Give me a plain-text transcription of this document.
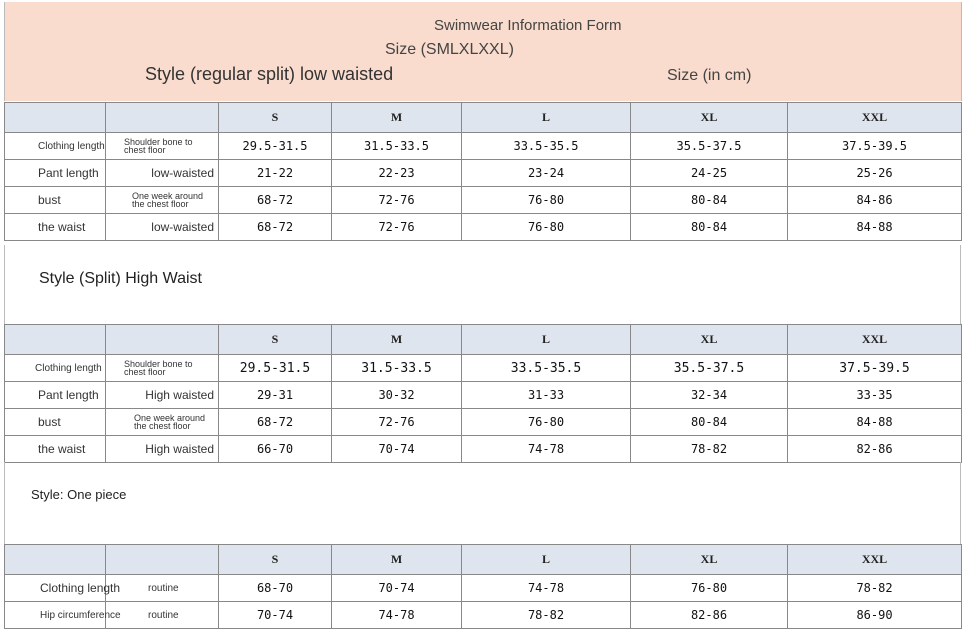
Swimwear Information Form
Size (SMLXLXXL)
Style (regular split) low waisted	Size (in cm)
		S	M	L	XL	XXL
Clothing length	Shoulder bone to chest floor	29.5-31.5	31.5-33.5	33.5-35.5	35.5-37.5	37.5-39.5
Pant length	low-waisted	21-22	22-23	23-24	24-25	25-26
bust	One week around the chest floor	68-72	72-76	76-80	80-84	84-86
the waist	low-waisted	68-72	72-76	76-80	80-84	84-88
Style (Split) High Waist
		S	M	L	XL	XXL
Clothing length	Shoulder bone to chest floor	29.5-31.5	31.5-33.5	33.5-35.5	35.5-37.5	37.5-39.5
Pant length	High waisted	29-31	30-32	31-33	32-34	33-35
bust	One week around the chest floor	68-72	72-76	76-80	80-84	84-88
the waist	High waisted	66-70	70-74	74-78	78-82	82-86
Style: One piece
		S	M	L	XL	XXL
Clothing length	routine	68-70	70-74	74-78	76-80	78-82
Hip circumference	routine	70-74	74-78	78-82	82-86	86-90
